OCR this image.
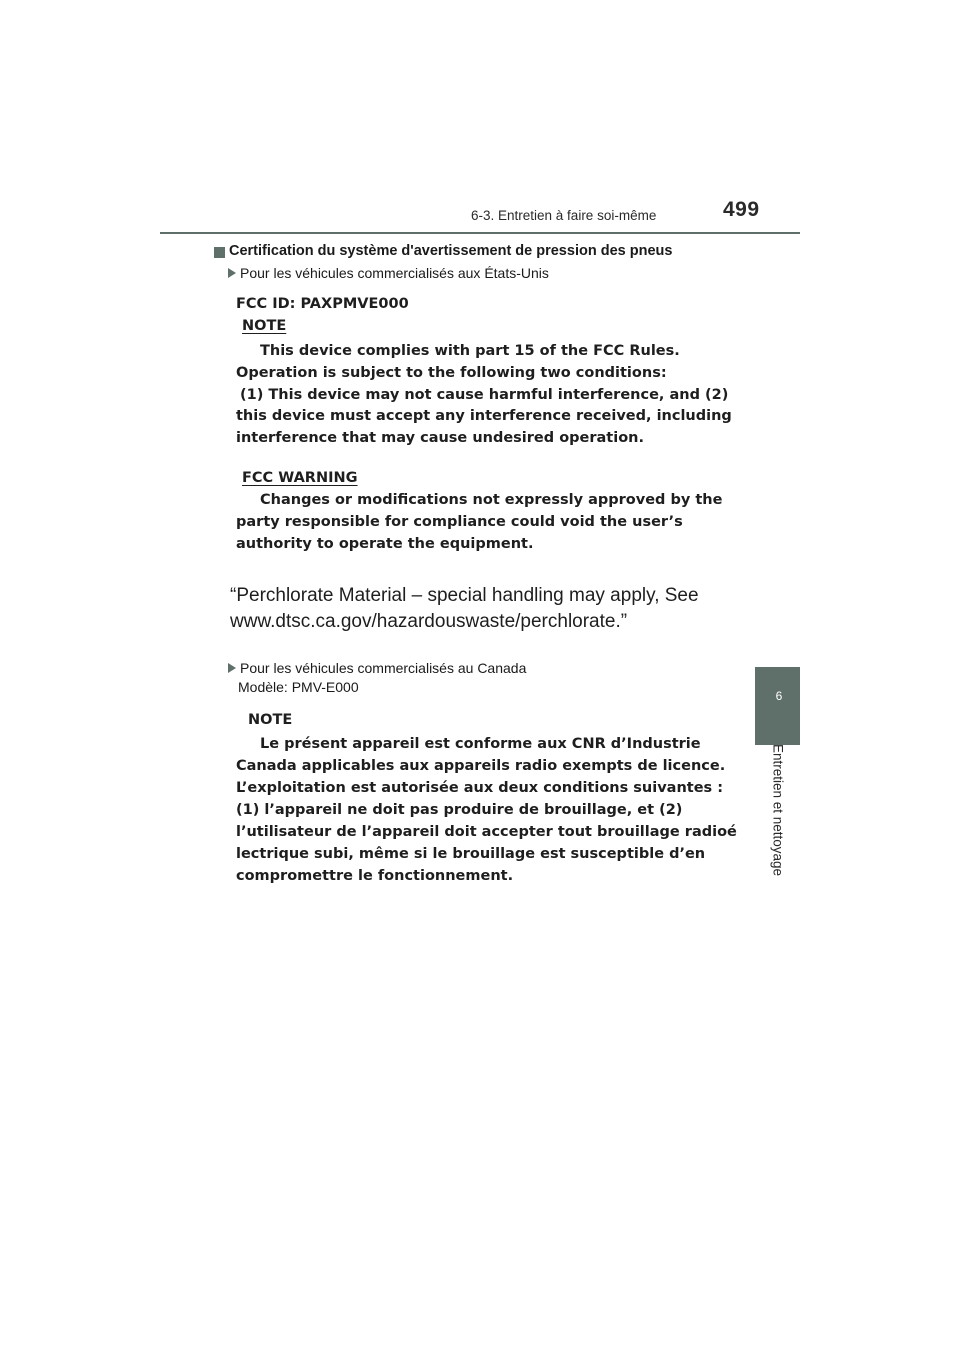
6-3. Entretien à faire soi-même	499
6
Entretien et nettoyage
Certification du système d'avertissement de pression des pneus
Pour les véhicules commercialisés aux États-Unis
FCC ID: PAXPMVE000
NOTE
This device complies with part 15 of the FCC Rules.
Operation is subject to the following two conditions:
(1) This device may not cause harmful interference, and (2)
this device must accept any interference received, including
interference that may cause undesired operation.
FCC WARNING
Changes or modifications not expressly approved by the
party responsible for compliance could void the user’s
authority to operate the equipment.
“Perchlorate Material – special handling may apply, See
www.dtsc.ca.gov/hazardouswaste/perchlorate.”
Pour les véhicules commercialisés au Canada
Modèle: PMV-E000
NOTE
Le présent appareil est conforme aux CNR d’Industrie
Canada applicables aux appareils radio exempts de licence.
L’exploitation est autorisée aux deux conditions suivantes :
(1) l’appareil ne doit pas produire de brouillage, et (2)
l’utilisateur de l’appareil doit accepter tout brouillage radioé
lectrique subi, même si le brouillage est susceptible d’en
compromettre le fonctionnement.
